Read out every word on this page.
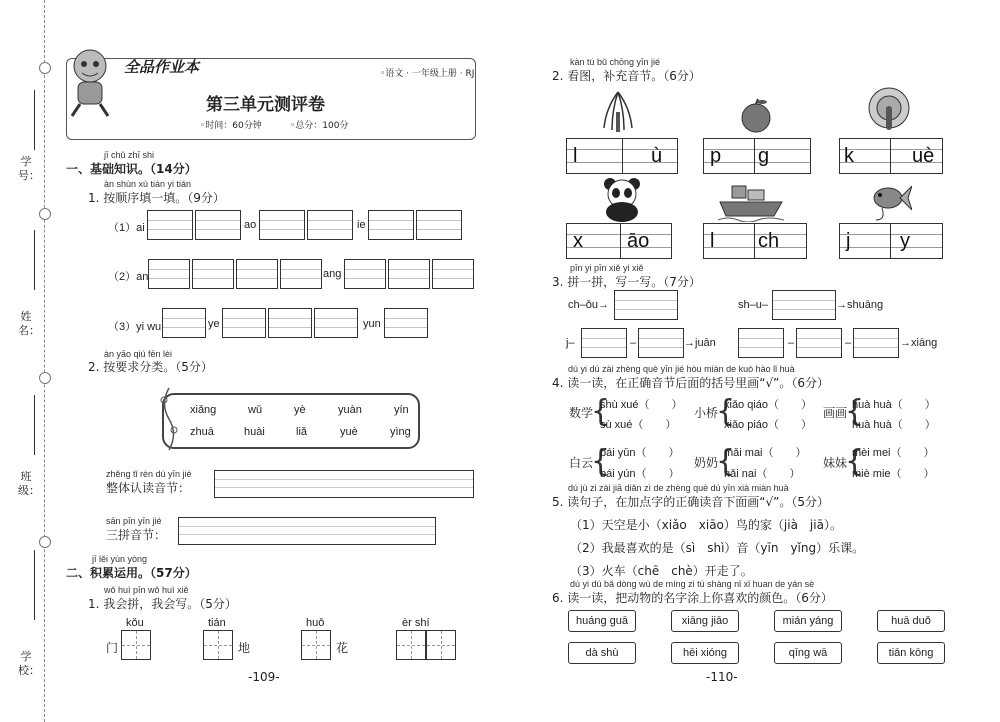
学 号：
姓 名：
班 级：
学 校：
全品作业本	◦语文 · 一年级上册 · RJ
第三单元测评卷
◦时间：60分钟	◦总分：100分
jī chǔ zhī shi
一、基础知识。（14分）
àn shùn xù tián yi tián
1. 按顺序填一填。（9分）
（1）ai	ao	ie
（2）an	ang
（3）yi wu	ye	yun
àn yāo qiú fēn lèi
2. 按要求分类。（5分）
xiǎng	wǔ	yè	yuàn	yín
zhuā	huài	liǎ	yuè	yìng
zhěng tǐ rèn dú yīn jié
整体认读音节：
sān pīn yīn jié
三拼音节：
jī lěi yùn yòng
二、积累运用。（57分）
wǒ huì pīn wǒ huì xiě
1. 我会拼，我会写。（5分）
kǒu
门
tián
地
huǒ
花
èr shí
-109-
kàn tú bǔ chōng yīn jié
2. 看图，补充音节。（6分）
l	ù p g	k	uè
x āo	l ch	j y
pīn yi pīn xiě yi xiě
3. 拼一拼，写一写。（7分）
ch–ǒu→	sh–u–	→shuāng
j–	–	→juān	–	–	→xiāng
dú yi dú zài zhèng què yīn jié hòu miàn de kuò hào lǐ huà
4. 读一读，在正确音节后面的括号里画“√”。（6分）
数学
{
shù xué（　　）
sù xué（　　）
小桥
{
xiǎo qiáo（　　）
xiǎo piáo（　　）
画画
{
huà huà（　　）
huà huà（　　）
白云
{
bái yǔn（　　）
bái yún（　　）
奶奶
{
mǎi mai（　　）
nǎi nai（　　）
妹妹
{
mèi mei（　　）
miè mie（　　）
dú jù zi zài jiā diǎn zì de zhèng què dú yīn xià miàn huà
5. 读句子，在加点字的正确读音下面画“√”。（5分）
（1）天空是小（xiǎo　xiāo）鸟的家（jià　jiā）。
（2）我最喜欢的是（sì　shì）音（yīn　yǐng）乐课。
（3）火车（chē　chè）开走了。
dú yi dú bǎ dòng wù de míng zi tú shàng nǐ xǐ huan de yán sè
6. 读一读，把动物的名字涂上你喜欢的颜色。（6分）
huáng guā	xiāng jiāo	mián yáng	huā duǒ
dà shù	hēi xióng	qīng wā	tiān kōng
-110-
